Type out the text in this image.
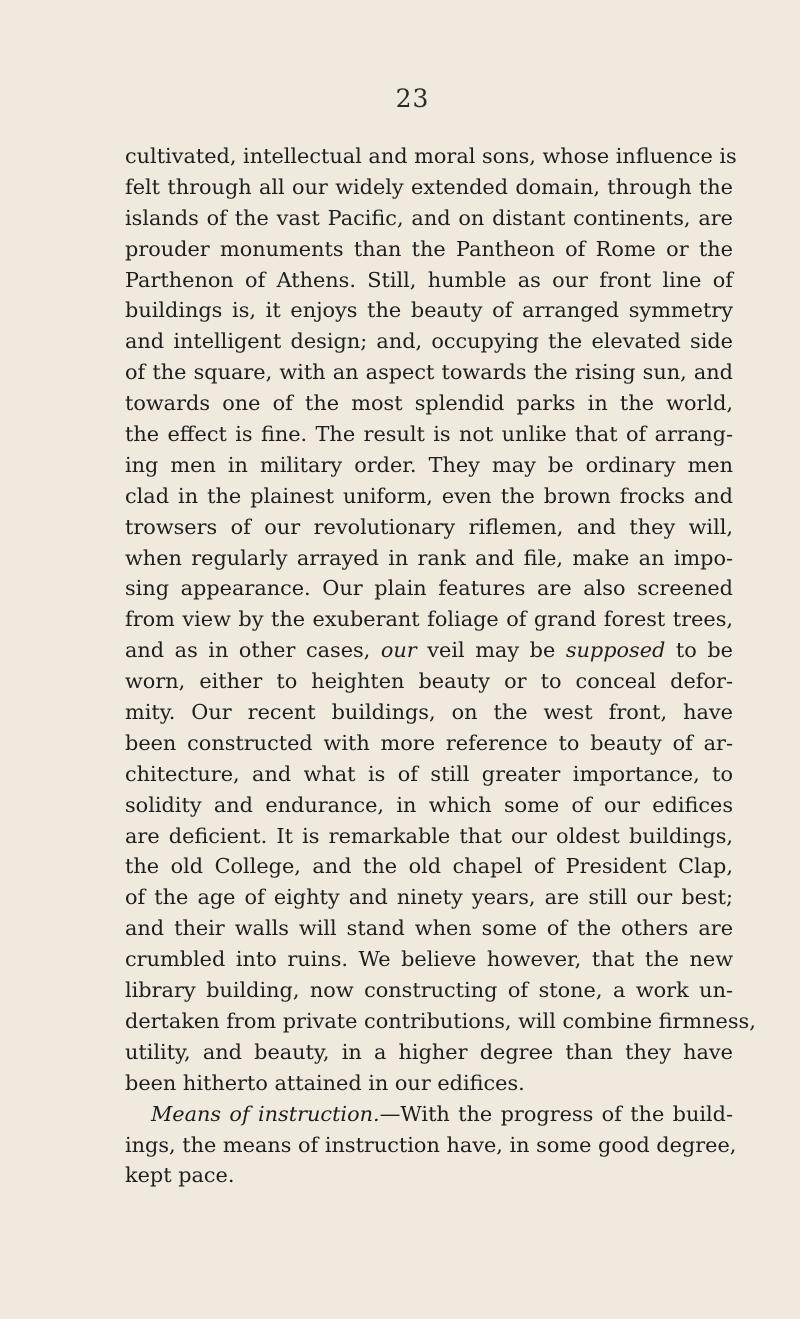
23
cultivated, intellectual and moral sons, whose influence is
felt through all our widely extended domain, through the
islands of the vast Pacific, and on distant continents, are
prouder monuments than the Pantheon of Rome or the
Parthenon of Athens. Still, humble as our front line of
buildings is, it enjoys the beauty of arranged symmetry
and intelligent design; and, occupying the elevated side
of the square, with an aspect towards the rising sun, and
towards one of the most splendid parks in the world,
the effect is fine. The result is not unlike that of arrang-
ing men in military order. They may be ordinary men
clad in the plainest uniform, even the brown frocks and
trowsers of our revolutionary riflemen, and they will,
when regularly arrayed in rank and file, make an impo-
sing appearance. Our plain features are also screened
from view by the exuberant foliage of grand forest trees,
and as in other cases, our veil may be supposed to be
worn, either to heighten beauty or to conceal defor-
mity. Our recent buildings, on the west front, have
been constructed with more reference to beauty of ar-
chitecture, and what is of still greater importance, to
solidity and endurance, in which some of our edifices
are deficient. It is remarkable that our oldest buildings,
the old College, and the old chapel of President Clap,
of the age of eighty and ninety years, are still our best;
and their walls will stand when some of the others are
crumbled into ruins. We believe however, that the new
library building, now constructing of stone, a work un-
dertaken from private contributions, will combine firmness,
utility, and beauty, in a higher degree than they have
been hitherto attained in our edifices.
Means of instruction.—With the progress of the build-
ings, the means of instruction have, in some good degree,
kept pace.
